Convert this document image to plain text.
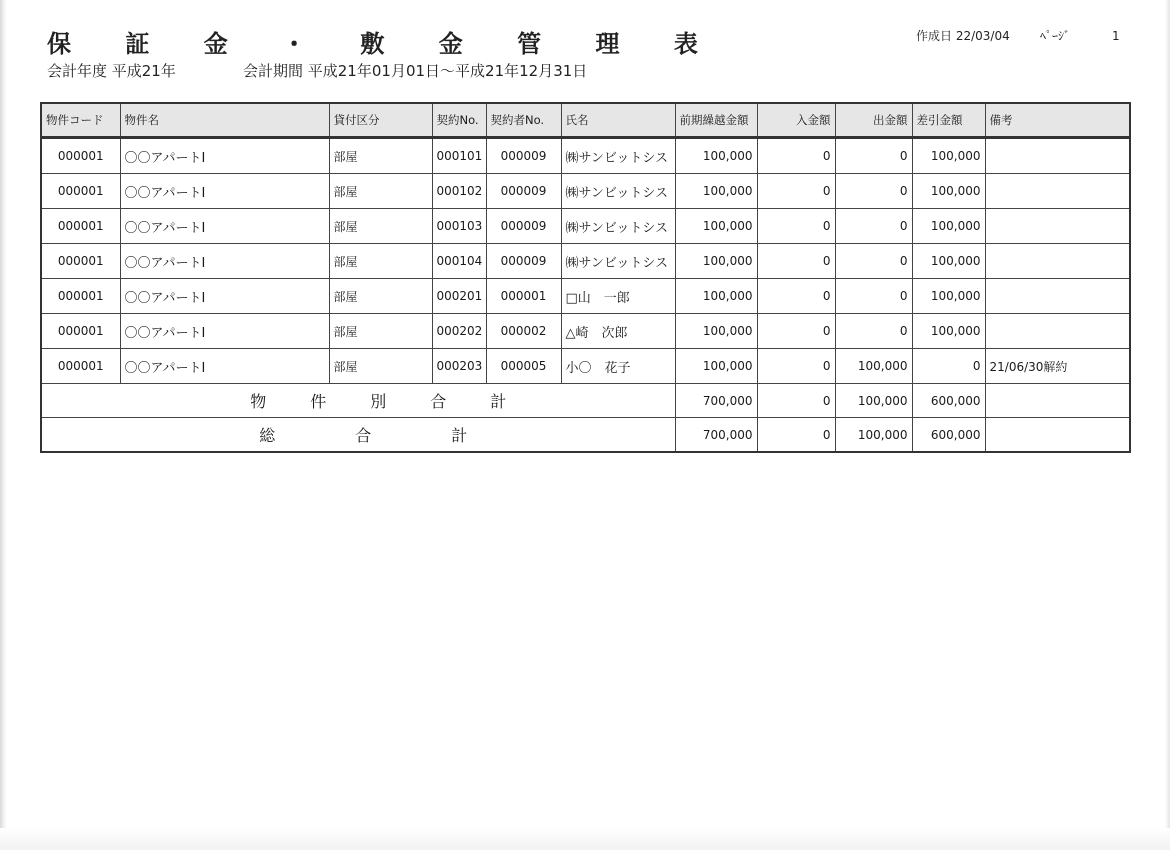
保 証 金 ・ 敷 金 管 理 表
会計年度 平成21年	会計期間 平成21年01月01日～平成21年12月31日
作成日 22/03/04	ﾍﾟｰｼﾞ	1
物件コード	物件名	貸付区分	契約No.	契約者No.	氏名	前期繰越金額	入金額	出金額	差引金額	備考
000001	〇〇アパートⅠ	部屋	000101	000009	㈱サンビットシス	100,000	0	0	100,000	
000001	〇〇アパートⅠ	部屋	000102	000009	㈱サンビットシス	100,000	0	0	100,000	
000001	〇〇アパートⅠ	部屋	000103	000009	㈱サンビットシス	100,000	0	0	100,000	
000001	〇〇アパートⅠ	部屋	000104	000009	㈱サンビットシス	100,000	0	0	100,000	
000001	〇〇アパートⅠ	部屋	000201	000001	□山　一郎	100,000	0	0	100,000	
000001	〇〇アパートⅠ	部屋	000202	000002	△崎　次郎	100,000	0	0	100,000	
000001	〇〇アパートⅠ	部屋	000203	000005	小〇　花子	100,000	0	100,000	0	21/06/30解約
物 件 別 合 計						700,000	0	100,000	600,000	
総 合 計						700,000	0	100,000	600,000	
